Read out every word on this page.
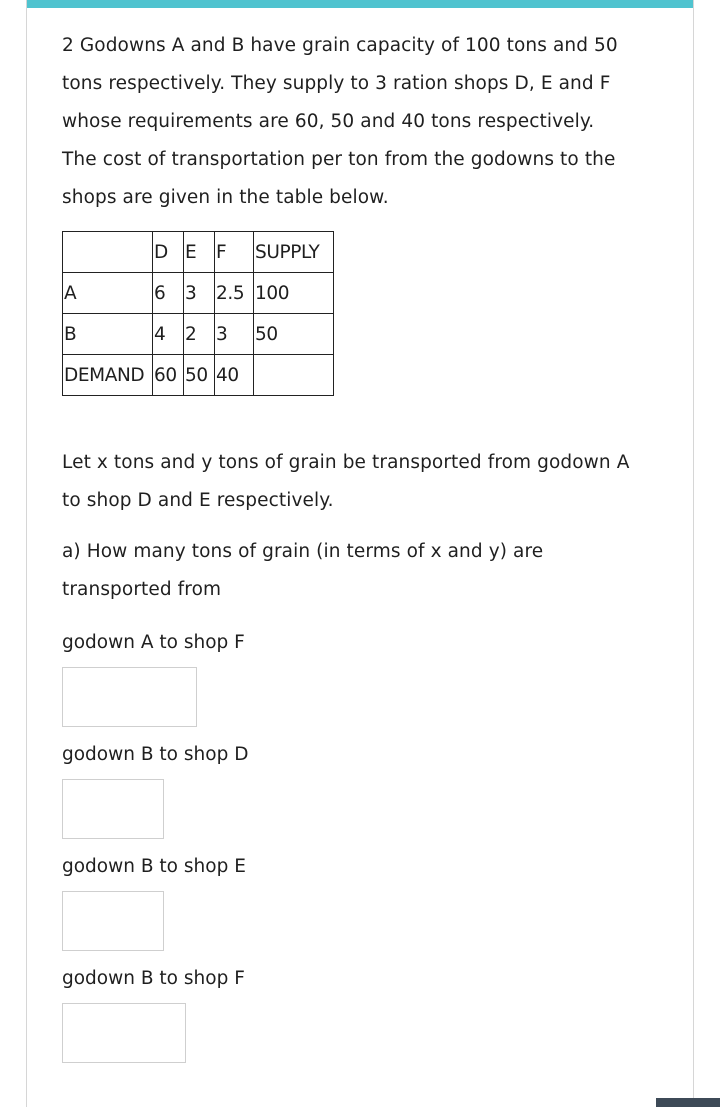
2 Godowns A and B have grain capacity of 100 tons and 50
tons respectively. They supply to 3 ration shops D, E and F
whose requirements are 60, 50 and 40 tons respectively.
The cost of transportation per ton from the godowns to the
shops are given in the table below.

	D	E	F	SUPPLY
A	6	3	2.5	100
B	4	2	3	50
DEMAND	60	50	40	

Let x tons and y tons of grain be transported from godown A
to shop D and E respectively.

a) How many tons of grain (in terms of x and y) are
transported from

godown A to shop F

godown B to shop D

godown B to shop E

godown B to shop F
